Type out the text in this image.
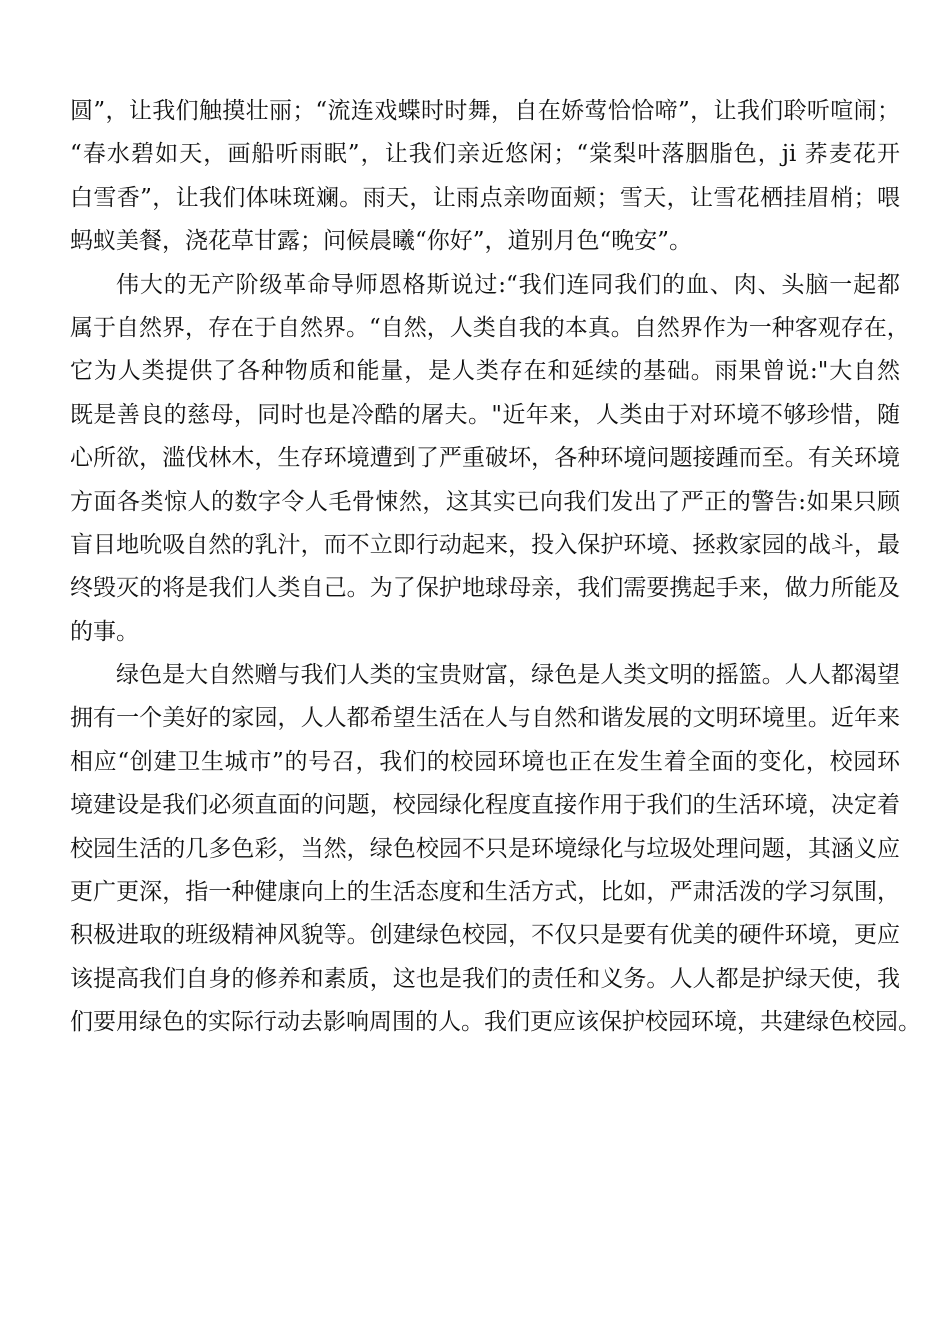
圆”，让我们触摸壮丽；“流连戏蝶时时舞，自在娇莺恰恰啼”，让我们聆听喧闹；
“春水碧如天，画船听雨眠”，让我们亲近悠闲；“棠梨叶落胭脂色，ji 荞麦花开
白雪香”，让我们体味斑斓。雨天，让雨点亲吻面颊；雪天，让雪花栖挂眉梢；喂
蚂蚁美餐，浇花草甘露；问候晨曦“你好”，道别月色“晚安”。
伟大的无产阶级革命导师恩格斯说过:“我们连同我们的血、肉、头脑一起都
属于自然界，存在于自然界。“自然，人类自我的本真。自然界作为一种客观存在，
它为人类提供了各种物质和能量，是人类存在和延续的基础。雨果曾说:"大自然
既是善良的慈母，同时也是冷酷的屠夫。"近年来，人类由于对环境不够珍惜，随
心所欲，滥伐林木，生存环境遭到了严重破坏，各种环境问题接踵而至。有关环境
方面各类惊人的数字令人毛骨悚然，这其实已向我们发出了严正的警告:如果只顾
盲目地吮吸自然的乳汁，而不立即行动起来，投入保护环境、拯救家园的战斗，最
终毁灭的将是我们人类自己。为了保护地球母亲，我们需要携起手来，做力所能及
的事。
绿色是大自然赠与我们人类的宝贵财富，绿色是人类文明的摇篮。人人都渴望
拥有一个美好的家园，人人都希望生活在人与自然和谐发展的文明环境里。近年来
相应“创建卫生城市”的号召，我们的校园环境也正在发生着全面的变化，校园环
境建设是我们必须直面的问题，校园绿化程度直接作用于我们的生活环境，决定着
校园生活的几多色彩，当然，绿色校园不只是环境绿化与垃圾处理问题，其涵义应
更广更深，指一种健康向上的生活态度和生活方式，比如，严肃活泼的学习氛围，
积极进取的班级精神风貌等。创建绿色校园，不仅只是要有优美的硬件环境，更应
该提高我们自身的修养和素质，这也是我们的责任和义务。人人都是护绿天使，我
们要用绿色的实际行动去影响周围的人。我们更应该保护校园环境，共建绿色校园。
